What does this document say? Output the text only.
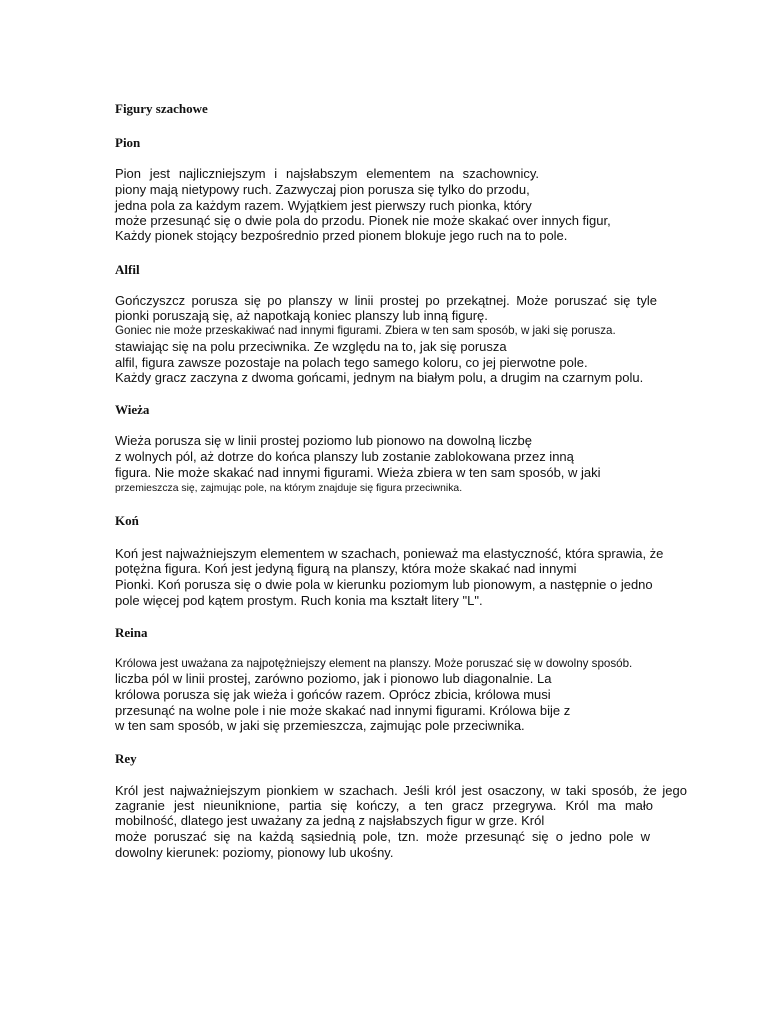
Figury szachowe
Pion

Pion jest najliczniejszym i najsłabszym elementem na szachownicy.

piony mają nietypowy ruch. Zazwyczaj pion porusza się tylko do przodu,

jedna pola za każdym razem. Wyjątkiem jest pierwszy ruch pionka, który

może przesunąć się o dwie pola do przodu. Pionek nie może skakać over innych figur,

Każdy pionek stojący bezpośrednio przed pionem blokuje jego ruch na to pole.

Alfil

Gończyszcz porusza się po planszy w linii prostej po przekątnej. Może poruszać się tyle

pionki poruszają się, aż napotkają koniec planszy lub inną figurę.

Goniec nie może przeskakiwać nad innymi figurami. Zbiera w ten sam sposób, w jaki się porusza.

stawiając się na polu przeciwnika. Ze względu na to, jak się porusza

alfil, figura zawsze pozostaje na polach tego samego koloru, co jej pierwotne pole.

Każdy gracz zaczyna z dwoma gońcami, jednym na białym polu, a drugim na czarnym polu.

Wieża

Wieża porusza się w linii prostej poziomo lub pionowo na dowolną liczbę

z wolnych pól, aż dotrze do końca planszy lub zostanie zablokowana przez inną

figura. Nie może skakać nad innymi figurami. Wieża zbiera w ten sam sposób, w jaki

przemieszcza się, zajmując pole, na którym znajduje się figura przeciwnika.

Koń

Koń jest najważniejszym elementem w szachach, ponieważ ma elastyczność, która sprawia, że

potężna figura. Koń jest jedyną figurą na planszy, która może skakać nad innymi

Pionki. Koń porusza się o dwie pola w kierunku poziomym lub pionowym, a następnie o jedno

pole więcej pod kątem prostym. Ruch konia ma kształt litery "L".

Reina

Królowa jest uważana za najpotężniejszy element na planszy. Może poruszać się w dowolny sposób.

liczba pól w linii prostej, zarówno poziomo, jak i pionowo lub diagonalnie. La

królowa porusza się jak wieża i gońców razem. Oprócz zbicia, królowa musi

przesunąć na wolne pole i nie może skakać nad innymi figurami. Królowa bije z

w ten sam sposób, w jaki się przemieszcza, zajmując pole przeciwnika.

Rey

Król jest najważniejszym pionkiem w szachach. Jeśli król jest osaczony, w taki sposób, że jego

zagranie jest nieuniknione, partia się kończy, a ten gracz przegrywa. Król ma mało

mobilność, dlatego jest uważany za jedną z najsłabszych figur w grze. Król

może poruszać się na każdą sąsiednią pole, tzn. może przesunąć się o jedno pole w

dowolny kierunek: poziomy, pionowy lub ukośny.
